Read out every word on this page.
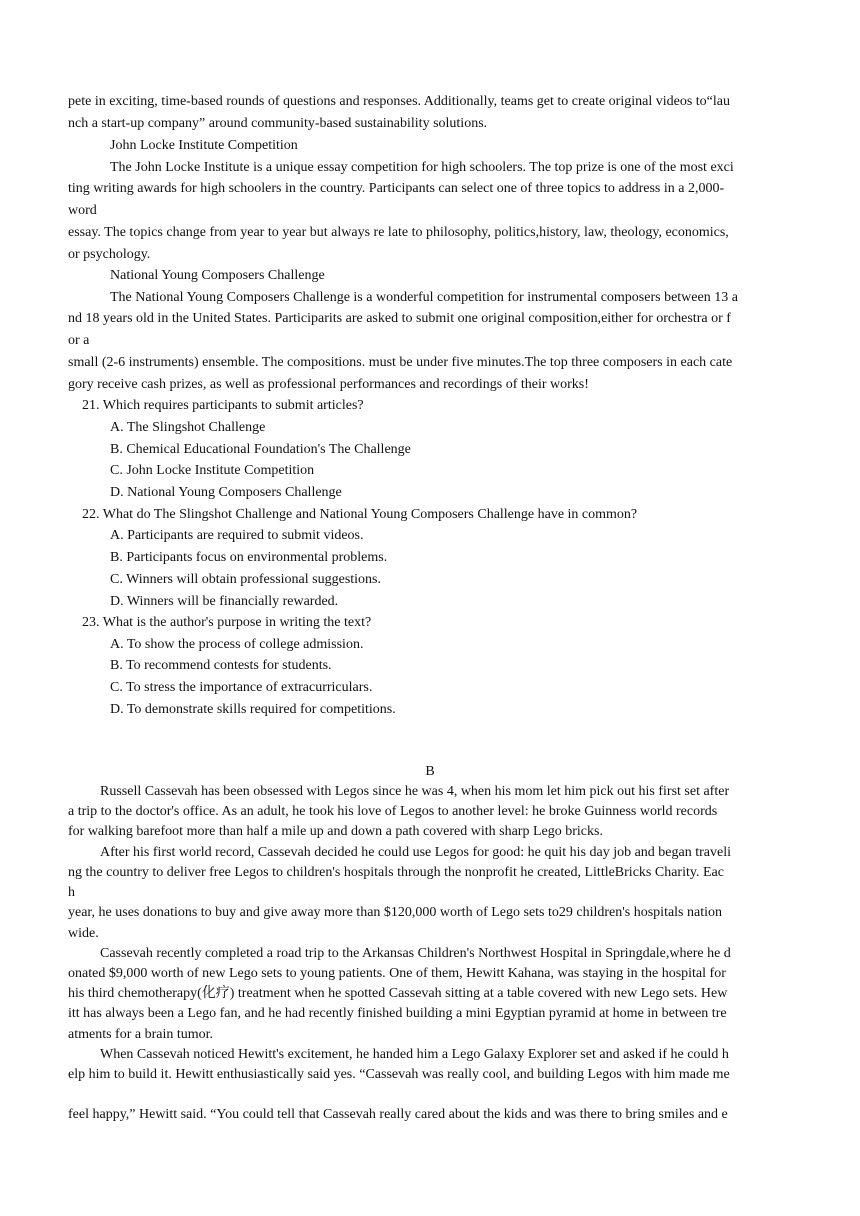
pete in exciting, time-based rounds of questions and responses. Additionally, teams get to create original videos to“lau
nch a start-up company” around community-based sustainability solutions.
John Locke Institute Competition
The John Locke Institute is a unique essay competition for high schoolers. The top prize is one of the most exci
ting writing awards for high schoolers in the country. Participants can select one of three topics to address in a 2,000-
word
essay. The topics change from year to year but always re late to philosophy, politics,history, law, theology, economics,
or psychology.
National Young Composers Challenge
The National Young Composers Challenge is a wonderful competition for instrumental composers between 13 a
nd 18 years old in the United States. Participarits are asked to submit one original composition,either for orchestra or f
or a
small (2-6 instruments) ensemble. The compositions. must be under five minutes.The top three composers in each cate
gory receive cash prizes, as well as professional performances and recordings of their works!
21. Which requires participants to submit articles?
A. The Slingshot Challenge
B. Chemical Educational Foundation's The Challenge
C. John Locke Institute Competition
D. National Young Composers Challenge
22. What do The Slingshot Challenge and National Young Composers Challenge have in common?
A. Participants are required to submit videos.
B. Participants focus on environmental problems.
C. Winners will obtain professional suggestions.
D. Winners will be financially rewarded.
23. What is the author's purpose in writing the text?
A. To show the process of college admission.
B. To recommend contests for students.
C. To stress the importance of extracurriculars.
D. To demonstrate skills required for competitions.
B
Russell Cassevah has been obsessed with Legos since he was 4, when his mom let him pick out his first set after
a trip to the doctor's office. As an adult, he took his love of Legos to another level: he broke Guinness world records
for walking barefoot more than half a mile up and down a path covered with sharp Lego bricks.
After his first world record, Cassevah decided he could use Legos for good: he quit his day job and began traveli
ng the country to deliver free Legos to children's hospitals through the nonprofit he created, LittleBricks Charity. Eac
h
year, he uses donations to buy and give away more than $120,000 worth of Lego sets to29 children's hospitals nation
wide.
Cassevah recently completed a road trip to the Arkansas Children's Northwest Hospital in Springdale,where he d
onated $9,000 worth of new Lego sets to young patients. One of them, Hewitt Kahana, was staying in the hospital for
his third chemotherapy(化疗) treatment when he spotted Cassevah sitting at a table covered with new Lego sets. Hew
itt has always been a Lego fan, and he had recently finished building a mini Egyptian pyramid at home in between tre
atments for a brain tumor.
When Cassevah noticed Hewitt's excitement, he handed him a Lego Galaxy Explorer set and asked if he could h
elp him to build it. Hewitt enthusiastically said yes. “Cassevah was really cool, and building Legos with him made me
feel happy,” Hewitt said. “You could tell that Cassevah really cared about the kids and was there to bring smiles and e
